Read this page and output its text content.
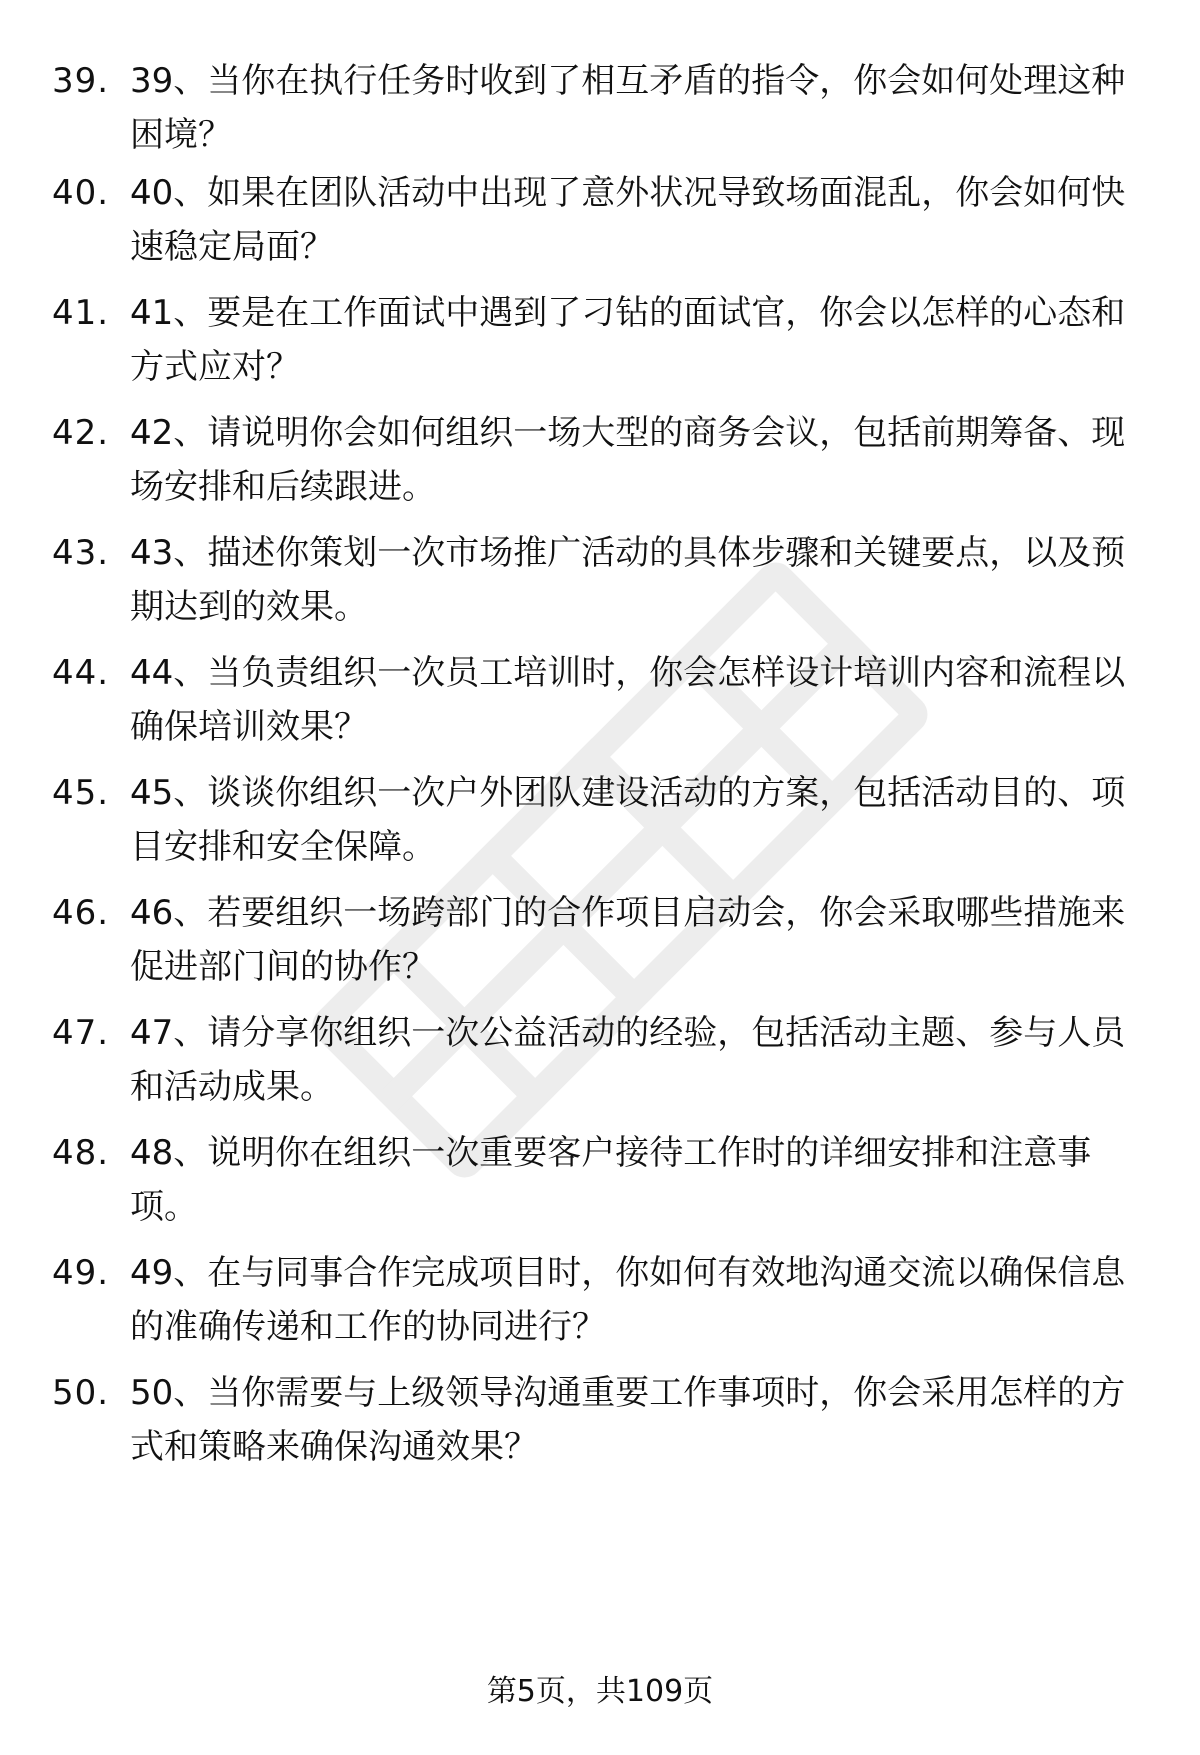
39. 39、当你在执行任务时收到了相互矛盾的指令，你会如何处理这种困境？
40. 40、如果在团队活动中出现了意外状况导致场面混乱，你会如何快速稳定局面？
41. 41、要是在工作面试中遇到了刁钻的面试官，你会以怎样的心态和方式应对？
42. 42、请说明你会如何组织一场大型的商务会议，包括前期筹备、现场安排和后续跟进。
43. 43、描述你策划一次市场推广活动的具体步骤和关键要点，以及预期达到的效果。
44. 44、当负责组织一次员工培训时，你会怎样设计培训内容和流程以确保培训效果？
45. 45、谈谈你组织一次户外团队建设活动的方案，包括活动目的、项目安排和安全保障。
46. 46、若要组织一场跨部门的合作项目启动会，你会采取哪些措施来促进部门间的协作？
47. 47、请分享你组织一次公益活动的经验，包括活动主题、参与人员和活动成果。
48. 48、说明你在组织一次重要客户接待工作时的详细安排和注意事项。
49. 49、在与同事合作完成项目时，你如何有效地沟通交流以确保信息的准确传递和工作的协同进行？
50. 50、当你需要与上级领导沟通重要工作事项时，你会采用怎样的方式和策略来确保沟通效果？
第5页，共109页
